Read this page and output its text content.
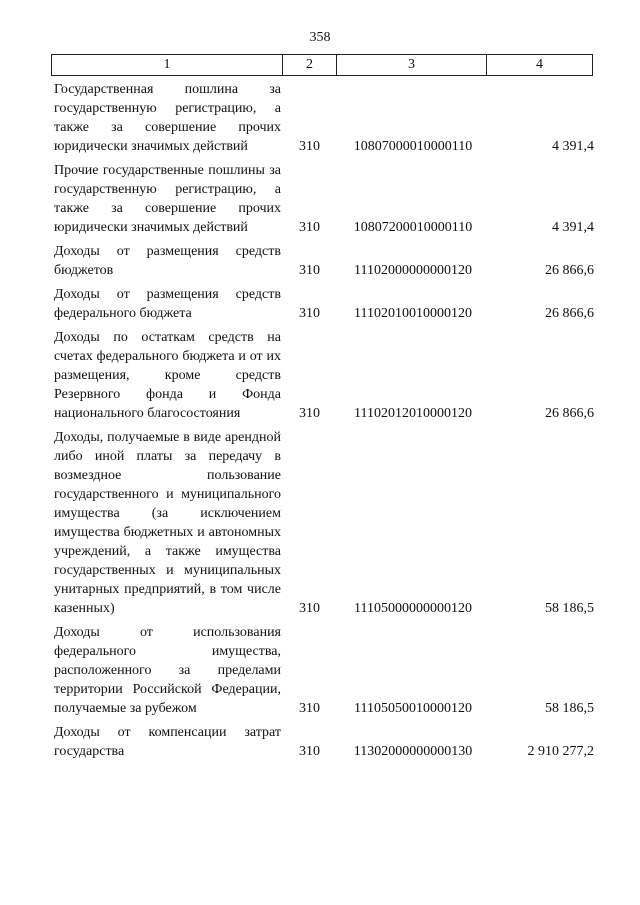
358
1	2	3	4
Государственная пошлина за государственную регистрацию, а также за совершение прочих юридически значимых действий	310	10807000010000110	4 391,4
Прочие государственные пошлины за государственную регистрацию, а также за совершение прочих юридически значимых действий	310	10807200010000110	4 391,4
Доходы от размещения средств бюджетов	310	11102000000000120	26 866,6
Доходы от размещения средств федерального бюджета	310	11102010010000120	26 866,6
Доходы по остаткам средств на счетах федерального бюджета и от их размещения, кроме средств Резервного фонда и Фонда национального благосостояния	310	11102012010000120	26 866,6
Доходы, получаемые в виде арендной либо иной платы за передачу в возмездное пользование государственного и муниципального имущества (за исключением имущества бюджетных и автономных учреждений, а также имущества государственных и муниципальных унитарных предприятий, в том числе казенных)	310	11105000000000120	58 186,5
Доходы от использования федерального имущества, расположенного за пределами территории Российской Федерации, получаемые за рубежом	310	11105050010000120	58 186,5
Доходы от компенсации затрат государства	310	11302000000000130	2 910 277,2
